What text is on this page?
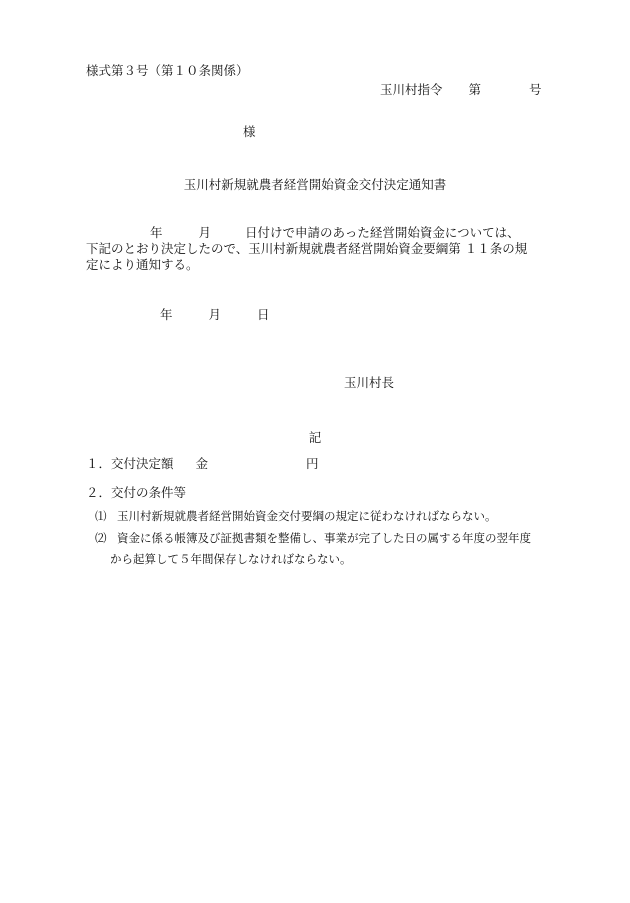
様式第３号（第１０条関係）
玉川村指令 第	号
様
玉川村新規就農者経営開始資金交付決定通知書
年	月	日付けで申請のあった経営開始資金については、
下記のとおり決定したので、玉川村新規就農者経営開始資金要綱第 １１条の規
定により通知する。
年	月	日
玉川村長
記
１．交付決定額 金	円
２．交付の条件等
⑴ 玉川村新規就農者経営開始資金交付要綱の規定に従わなければならない。
⑵ 資金に係る帳簿及び証拠書類を整備し、事業が完了した日の属する年度の翌年度
から起算して５年間保存しなければならない。
